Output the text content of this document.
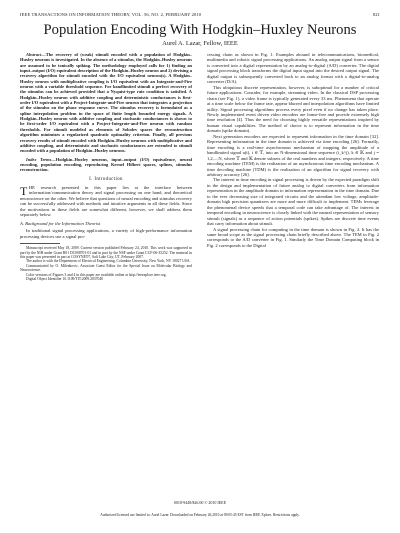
IEEE TRANSACTIONS ON INFORMATION THEORY, VOL. 56, NO. 2, FEBRUARY 2010	821
Population Encoding With Hodgkin–Huxley Neurons
Aurel A. Lazar, Fellow, IEEE

Abstract—The recovery of (weak) stimuli encoded with a population of Hodgkin–Huxley neurons is investigated. In the absence of a stimulus, the Hodgkin–Huxley neurons are assumed to be tonically spiking. The methodology employed calls for 1) finding an input–output (I/O) equivalent description of the Hodgkin–Huxley neuron and 2) devising a recovery algorithm for stimuli encoded with the I/O equivalent neuron(s). A Hodgkin–Huxley neuron with multiplicative coupling is I/O equivalent with an Integrate-and-Fire neuron with a variable threshold sequence. For bandlimited stimuli a perfect recovery of the stimulus can be achieved provided that a Nyquist-type rate condition is satisfied. A Hodgkin–Huxley neuron with additive coupling and deterministic conductances is first-order I/O equivalent with a Project-Integrate-and-Fire neuron that integrates a projection of the stimulus on the phase response curve. The stimulus recovery is formulated as a spline interpolation problem in the space of finite length bounded energy signals. A Hodgkin–Huxley neuron with additive coupling and stochastic conductances is shown to be first-order I/O equivalent with a Project-Integrate-and-Fire neuron with random thresholds. For stimuli modeled as elements of Sobolev spaces the reconstruction algorithm minimizes a regularized quadratic optimality criterion. Finally, all previous recovery results of stimuli encoded with Hodgkin–Huxley neurons with multiplicative and additive coupling, and deterministic and stochastic conductances are extended to stimuli encoded with a population of Hodgkin–Huxley neurons.

Index Terms—Hodgkin–Huxley neurons, input–output (I/O) equivalence, neural encoding, population encoding, reproducing Kernel Hilbert spaces, splines, stimulus reconstruction.

I. Introduction

THE research presented in this paper lies at the interface between information/communication theory and signal processing on one hand, and theoretical neuroscience on the other. We believe that questions of neural encoding and stimulus recovery can be successfully addressed with methods and intuitive arguments in all these fields. Since the motivations in these fields are somewhat different, however, we shall address them separately below.

A. Background for the Information Theorist

In traditional signal processing applications, a variety of high-performance information processing devices use a signal pro-

Manuscript received May 18, 2009. Current version published February 24, 2010. This work was supported in part by the NIH under Grant R01 DC008701-01 and in part by the NSF under Grant CCF-06-35252. The material in this paper was presented in part at COSYNE'07, Salt Lake City, UT, February 2007.

The author is with the Department of Electrical Engineering, Columbia University, New York, NY 10027 USA.

Communicated by O. Milenkovic, Associate Guest Editor for the Special Issue on Molecular Biology and Neuroscience.

Color versions of Figures 3 and 4 in this paper are available online at http://ieeexplore.ieee.org.

Digital Object Identifier 10.1109/TIT.2009.2037040

cessing chain as shown in Fig. 1. Examples abound in telecommunications, biomedical, multimedia and robotic signal processing applications. An analog output signal from a sensor is converted into a digital representation by an analog-to-digital (A/D) converter. The digital signal processing block transforms the digital input signal into the desired output signal. The digital output is subsequently converted back to an analog format with a digital-to-analog converter (D/A).

This ubiquitous discrete representation, however, is suboptimal for a number of critical future applications. Consider, for example, streaming video. In the classical DSP processing chain (see Fig. 1), a video frame is typically generated every 33 ms. Phenomena that operate at a time scale below the frame rate, appear blurred and interpolation algorithms have limited utility. Signal processing algorithms process every pixel even if no change has taken place. Newly implemented event driven video encoders are frame-free and provide extremely high time resolution [4]. Thus the need for choosing highly versatile representations inspired by human visual capabilities. The method of choice is to represent information in the time domain (spike domain).

Next generation encoders are expected to represent information in the time domain [32]. Representing information in the time domain is achieved via time encoding [26]. Formally, time encoding is a real-time asynchronous mechanism of mapping the amplitude of a bandlimited signal u(t), t ∈ 𝕋, into an N-dimensional time sequence (t_k^j), k ∈ 𝕂 and j = 1,2,...,N, where 𝕋 and 𝕂 denote subsets of the real numbers and integers, respectively. A time encoding machine (TEM) is the realization of an asynchronous time encoding mechanism. A time decoding machine (TDM) is the realization of an algorithm for signal recovery with arbitrary accuracy [26].

The interest in time encoding in signal processing is driven by the expected paradigm shift in the design and implementation of future analog to digital converters from information representation in the amplitude domain to information representation in the time domain. Due to the ever decreasing size of integrated circuits and the attendant low voltage, amplitude-domain high precision quantizers are more and more difficult to implement. TEMs leverage the phenomenal device speeds that a temporal code can take advantage of. The interest in temporal encoding in neuroscience is closely linked with the natural representation of sensory stimuli (signals) as a sequence of action potentials (spikes). Spikes are discrete time events that carry information about stimuli.

A signal processing chain for computing in the time domain is shown in Fig. 2. It has the same broad scope as the signal processing chain briefly described above. The TEM in Fig. 2 corresponds to the A/D converter in Fig. 1. Similarly the Time Domain Computing block in Fig. 2 corresponds to the Digital

0018-9448/$26.00 © 2010 IEEE
Authorized licensed use limited to: Aurel Lazar. Downloaded on February 26,2010 at 09:05:45 EST from IEEE Xplore. Restrictions apply.
